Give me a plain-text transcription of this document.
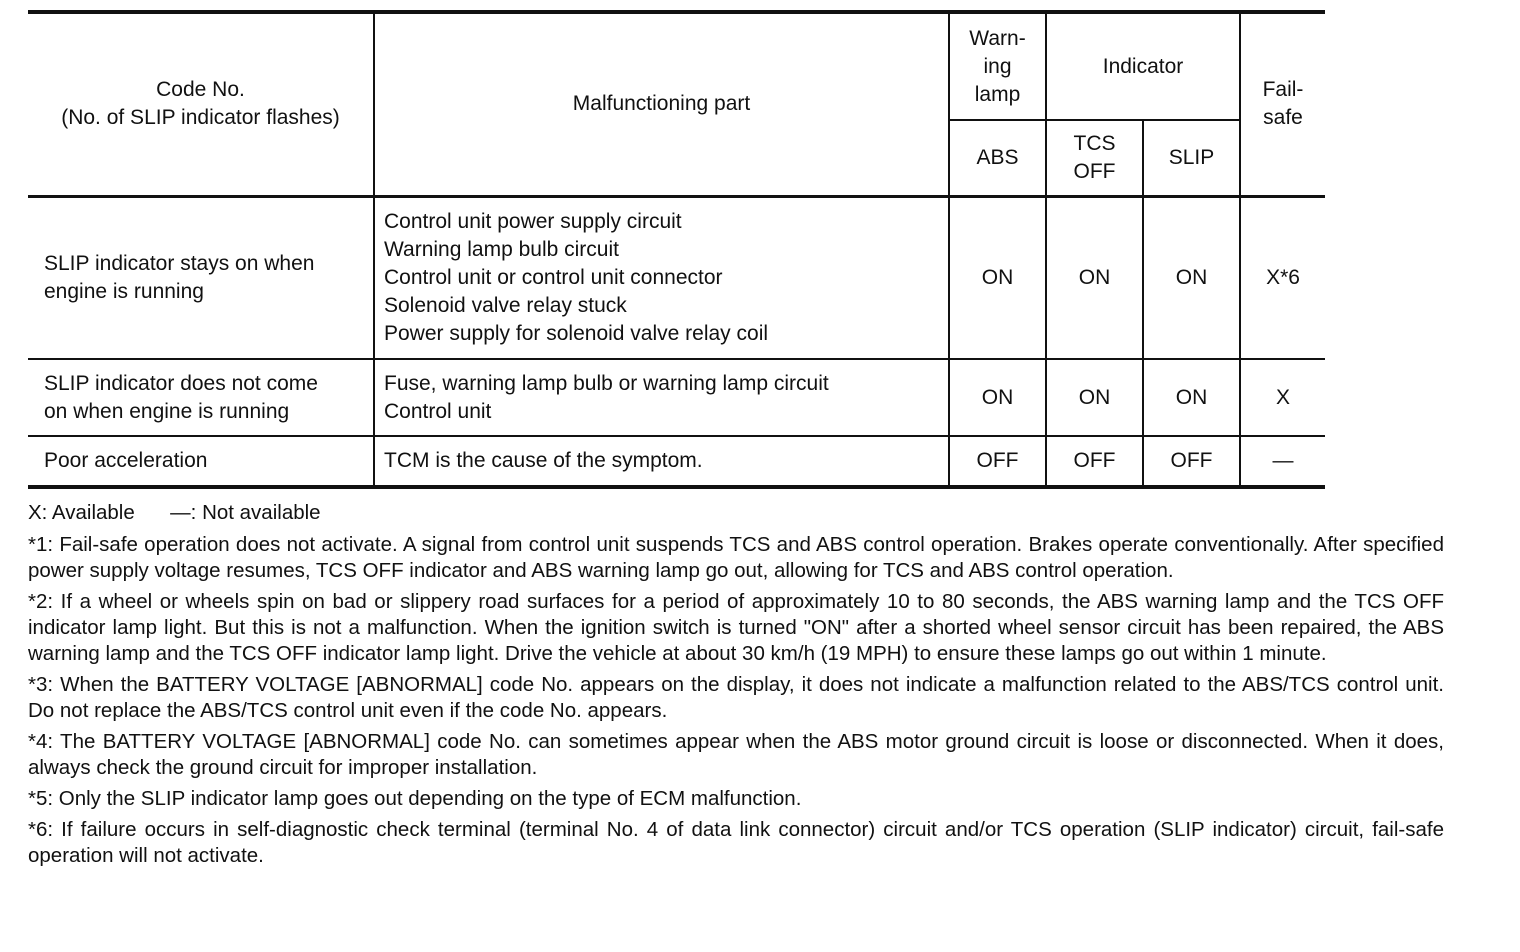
Code No.
(No. of SLIP indicator flashes)	Malfunctioning part	Warn-
ing
lamp	Indicator		Fail-
safe

		ABS	TCS
OFF	SLIP	

SLIP indicator stays on when
engine is running	Control unit power supply circuit
Warning lamp bulb circuit
Control unit or control unit connector
Solenoid valve relay stuck
Power supply for solenoid valve relay coil	ON	ON	ON	X*6

SLIP indicator does not come
on when engine is running	Fuse, warning lamp bulb or warning lamp circuit
Control unit	ON	ON	ON	X

Poor acceleration	TCM is the cause of the symptom.	OFF	OFF	OFF	—
X: Available —: Not available

*1: Fail-safe operation does not activate. A signal from control unit suspends TCS and ABS control operation. Brakes operate conventionally. After specified power supply voltage resumes, TCS OFF indicator and ABS warning lamp go out, allowing for TCS and ABS control operation.

*2: If a wheel or wheels spin on bad or slippery road surfaces for a period of approximately 10 to 80 seconds, the ABS warning lamp and the TCS OFF indicator lamp light. But this is not a malfunction. When the ignition switch is turned "ON" after a shorted wheel sensor circuit has been repaired, the ABS warning lamp and the TCS OFF indicator lamp light. Drive the vehicle at about 30 km/h (19 MPH) to ensure these lamps go out within 1 minute.

*3: When the BATTERY VOLTAGE [ABNORMAL] code No. appears on the display, it does not indicate a malfunction related to the ABS/TCS control unit. Do not replace the ABS/TCS control unit even if the code No. appears.

*4: The BATTERY VOLTAGE [ABNORMAL] code No. can sometimes appear when the ABS motor ground circuit is loose or disconnected. When it does, always check the ground circuit for improper installation.

*5: Only the SLIP indicator lamp goes out depending on the type of ECM malfunction.

*6: If failure occurs in self-diagnostic check terminal (terminal No. 4 of data link connector) circuit and/or TCS operation (SLIP indicator) circuit, fail-safe operation will not activate.
